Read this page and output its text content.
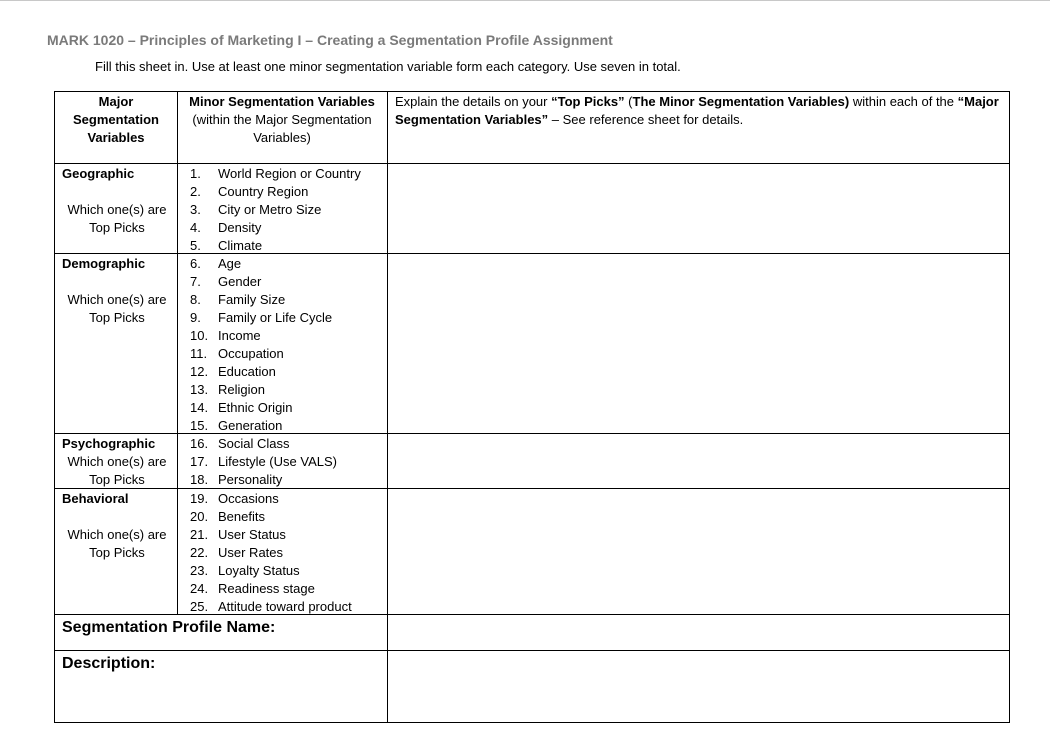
MARK 1020 – Principles of Marketing I – Creating a Segmentation Profile Assignment
Fill this sheet in. Use at least one minor segmentation variable form each category. Use seven in total.
Major Segmentation Variables
Minor Segmentation Variables
(within the Major Segmentation Variables)
Explain the details on your “Top Picks” (The Minor Segmentation Variables) within each of the “Major Segmentation Variables” – See reference sheet for details.
Geographic
Which one(s) are Top Picks
1. World Region or Country
2. Country Region
3. City or Metro Size
4. Density
5. Climate
Demographic
Which one(s) are Top Picks
6. Age
7. Gender
8. Family Size
9. Family or Life Cycle
10. Income
11. Occupation
12. Education
13. Religion
14. Ethnic Origin
15. Generation
Psychographic
Which one(s) are Top Picks
16. Social Class
17. Lifestyle (Use VALS)
18. Personality
Behavioral
Which one(s) are Top Picks
19. Occasions
20. Benefits
21. User Status
22. User Rates
23. Loyalty Status
24. Readiness stage
25. Attitude toward product
Segmentation Profile Name:
Description:
